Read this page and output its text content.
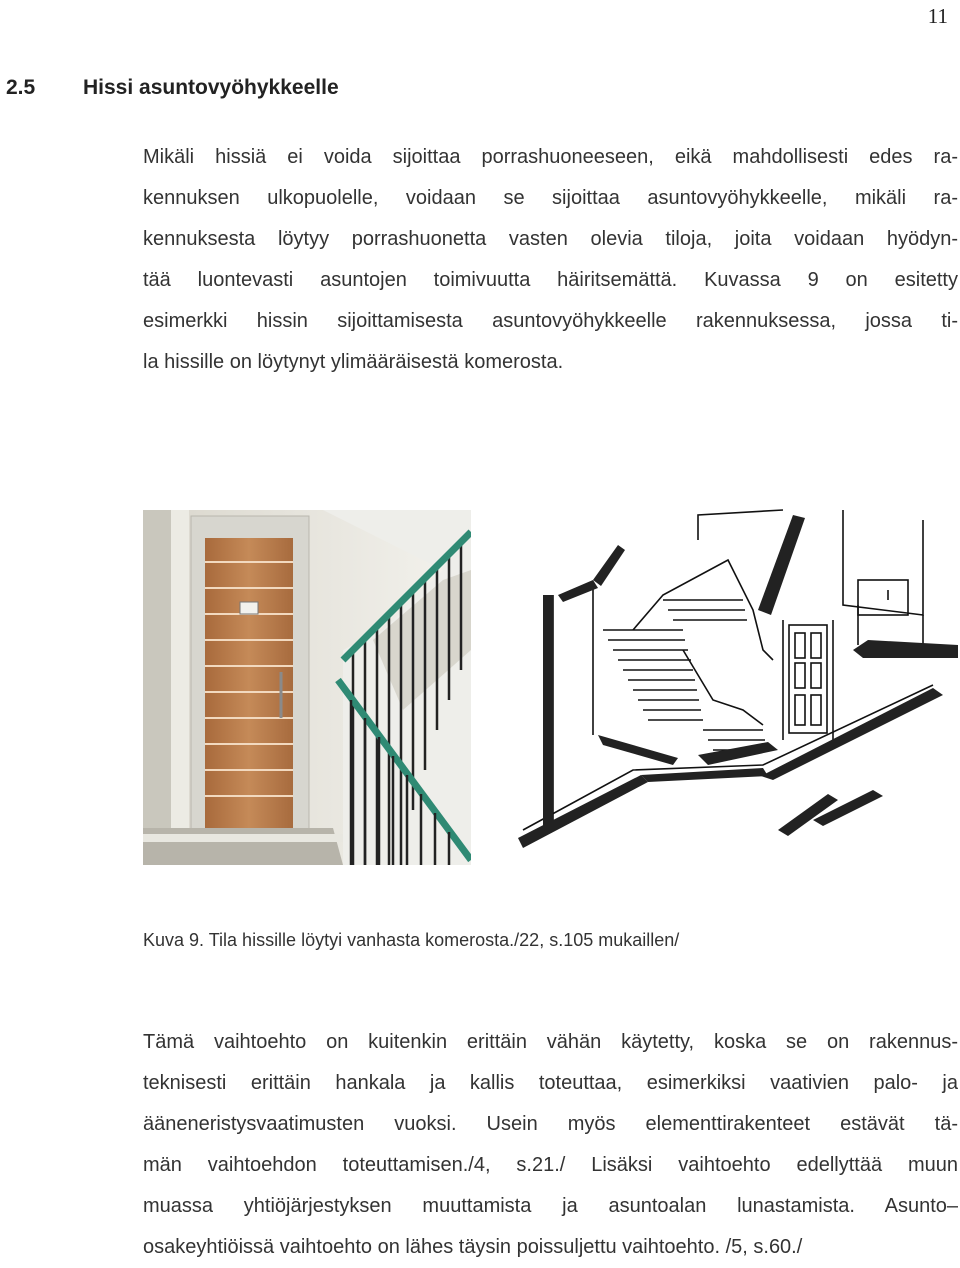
11
2.5	Hissi asuntovyöhykkeelle
Mikäli hissiä ei voida sijoittaa porrashuoneeseen, eikä mahdollisesti edes ra-
kennuksen ulkopuolelle, voidaan se sijoittaa asuntovyöhykkeelle, mikäli ra-
kennuksesta löytyy porrashuonetta vasten olevia tiloja, joita voidaan hyödyn-
tää luontevasti asuntojen toimivuutta häiritsemättä. Kuvassa 9 on esitetty
esimerkki hissin sijoittamisesta asuntovyöhykkeelle rakennuksessa, jossa ti-
la hissille on löytynyt ylimääräisestä komerosta.
Kuva 9. Tila hissille löytyi vanhasta komerosta./22, s.105 mukaillen/
Tämä vaihtoehto on kuitenkin erittäin vähän käytetty, koska se on rakennus-
teknisesti erittäin hankala ja kallis toteuttaa, esimerkiksi vaativien palo- ja
ääneneristysvaatimusten vuoksi. Usein myös elementtirakenteet estävät tä-
män vaihtoehdon toteuttamisen./4, s.21./ Lisäksi vaihtoehto edellyttää muun
muassa yhtiöjärjestyksen muuttamista ja asuntoalan lunastamista. Asunto–
osakeyhtiöissä vaihtoehto on lähes täysin poissuljettu vaihtoehto. /5, s.60./
